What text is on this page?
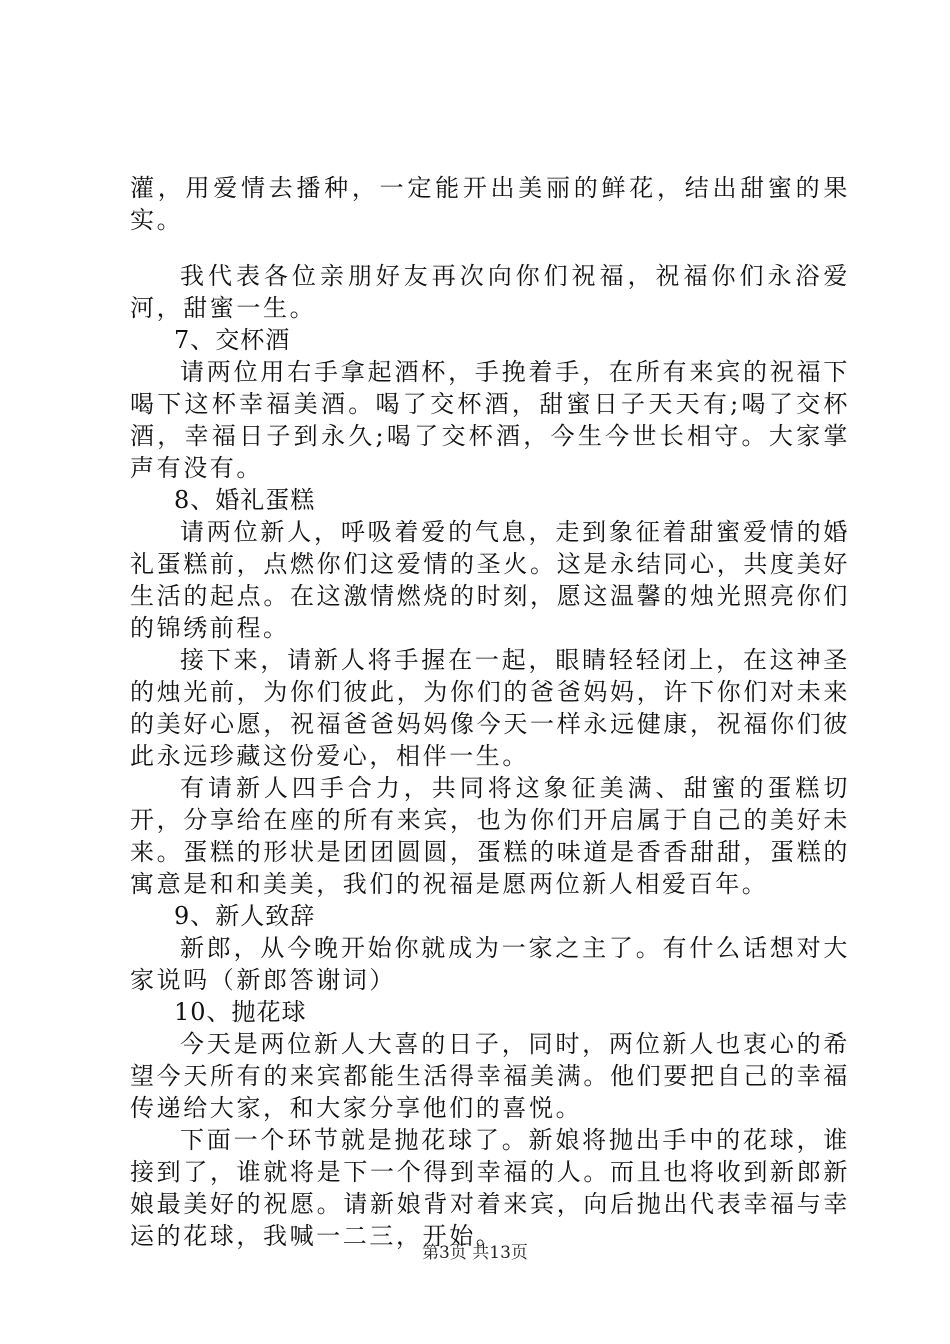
灌，用爱情去播种，一定能开出美丽的鲜花，结出甜蜜的果实。

我代表各位亲朋好友再次向你们祝福，祝福你们永浴爱河，甜蜜一生。

7、交杯酒

请两位用右手拿起酒杯，手挽着手，在所有来宾的祝福下喝下这杯幸福美酒。喝了交杯酒，甜蜜日子天天有;喝了交杯酒，幸福日子到永久;喝了交杯酒，今生今世长相守。大家掌声有没有。

8、婚礼蛋糕

请两位新人，呼吸着爱的气息，走到象征着甜蜜爱情的婚礼蛋糕前，点燃你们这爱情的圣火。这是永结同心，共度美好生活的起点。在这激情燃烧的时刻，愿这温馨的烛光照亮你们的锦绣前程。

接下来，请新人将手握在一起，眼睛轻轻闭上，在这神圣的烛光前，为你们彼此，为你们的爸爸妈妈，许下你们对未来的美好心愿，祝福爸爸妈妈像今天一样永远健康，祝福你们彼此永远珍藏这份爱心，相伴一生。

有请新人四手合力，共同将这象征美满、甜蜜的蛋糕切开，分享给在座的所有来宾，也为你们开启属于自己的美好未来。蛋糕的形状是团团圆圆，蛋糕的味道是香香甜甜，蛋糕的寓意是和和美美，我们的祝福是愿两位新人相爱百年。

9、新人致辞

新郎，从今晚开始你就成为一家之主了。有什么话想对大家说吗（新郎答谢词）

10、抛花球

今天是两位新人大喜的日子，同时，两位新人也衷心的希望今天所有的来宾都能生活得幸福美满。他们要把自己的幸福传递给大家，和大家分享他们的喜悦。

下面一个环节就是抛花球了。新娘将抛出手中的花球，谁接到了，谁就将是下一个得到幸福的人。而且也将收到新郎新娘最美好的祝愿。请新娘背对着来宾，向后抛出代表幸福与幸运的花球，我喊一二三，开始。

第3页 共13页
